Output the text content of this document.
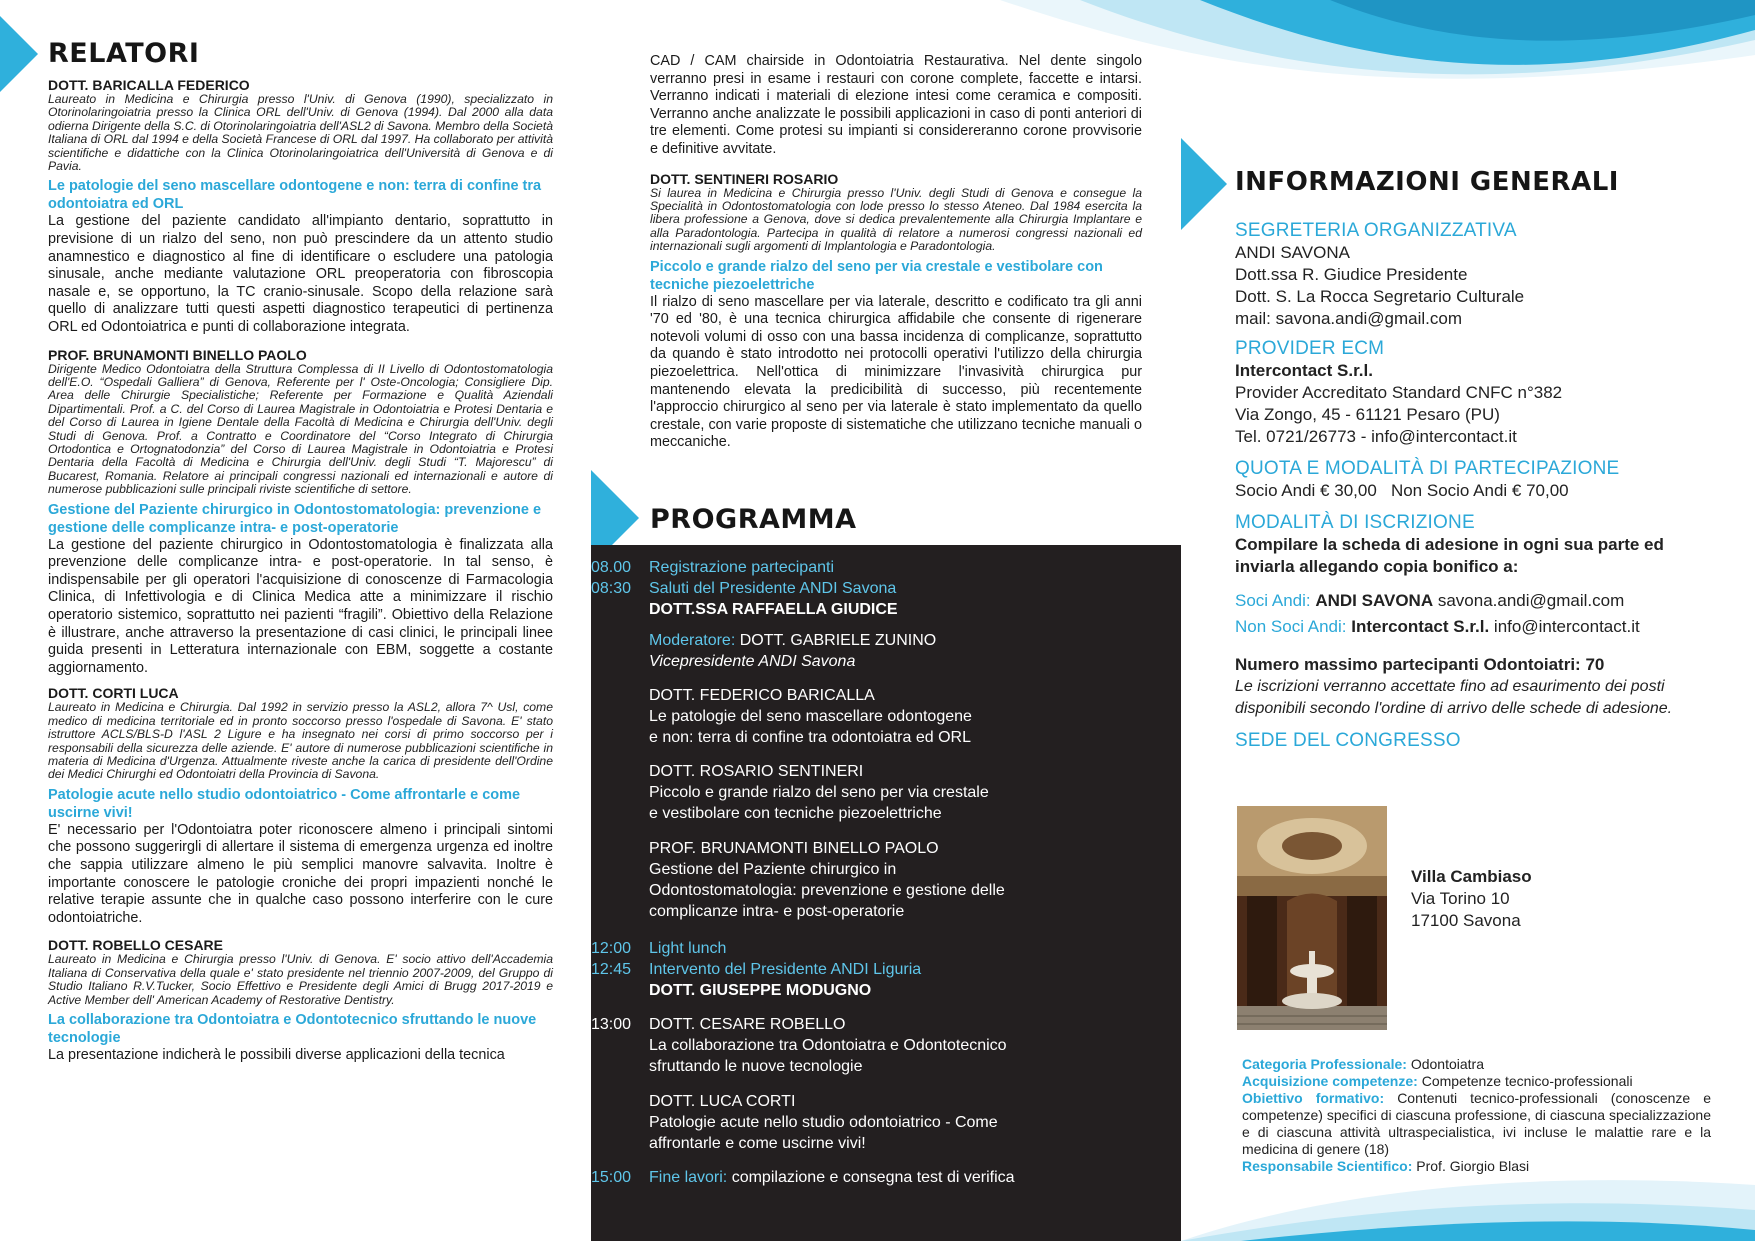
RELATORI
DOTT. BARICALLA FEDERICO
Laureato in Medicina e Chirurgia presso l'Univ. di Genova (1990), specializzato in Otorinolaringoiatria presso la Clinica ORL dell'Univ. di Genova (1994). Dal 2000 alla data odierna Dirigente della S.C. di Otorinolaringoiatria dell'ASL2 di Savona. Membro della Società Italiana di ORL dal 1994 e della Società Francese di ORL dal 1997. Ha collaborato per attività scientifiche e didattiche con la Clinica Otorinolaringoiatrica dell'Università di Genova e di Pavia.
Le patologie del seno mascellare odontogene e non: terra di confine tra odontoiatra ed ORL
La gestione del paziente candidato all'impianto dentario, soprattutto in previsione di un rialzo del seno, non può prescindere da un attento studio anamnestico e diagnostico al fine di identificare o escludere una patologia sinusale, anche mediante valutazione ORL preoperatoria con fibroscopia nasale e, se opportuno, la TC cranio-sinusale. Scopo della relazione sarà quello di analizzare tutti questi aspetti diagnostico terapeutici di pertinenza ORL ed Odontoiatrica e punti di collaborazione integrata.
PROF. BRUNAMONTI BINELLO PAOLO
Dirigente Medico Odontoiatra della Struttura Complessa di II Livello di Odontostomatologia dell'E.O. “Ospedali Galliera” di Genova, Referente per l' Oste-Oncologia; Consigliere Dip. Area delle Chirurgie Specialistiche; Referente per Formazione e Qualità Aziendali Dipartimentali. Prof. a C. del Corso di Laurea Magistrale in Odontoiatria e Protesi Dentaria e del Corso di Laurea in Igiene Dentale della Facoltà di Medicina e Chirurgia dell'Univ. degli Studi di Genova. Prof. a Contratto e Coordinatore del “Corso Integrato di Chirurgia Ortodontica e Ortognatodonzia” del Corso di Laurea Magistrale in Odontoiatria e Protesi Dentaria della Facoltà di Medicina e Chirurgia dell'Univ. degli Studi “T. Majorescu” di Bucarest, Romania. Relatore ai principali congressi nazionali ed internazionali e autore di numerose pubblicazioni sulle principali riviste scientifiche di settore.
Gestione del Paziente chirurgico in Odontostomatologia: prevenzione e gestione delle complicanze intra- e post-operatorie
La gestione del paziente chirurgico in Odontostomatologia è finalizzata alla prevenzione delle complicanze intra- e post-operatorie. In tal senso, è indispensabile per gli operatori l'acquisizione di conoscenze di Farmacologia Clinica, di Infettivologia e di Clinica Medica atte a minimizzare il rischio operatorio sistemico, soprattutto nei pazienti “fragili”. Obiettivo della Relazione è illustrare, anche attraverso la presentazione di casi clinici, le principali linee guida presenti in Letteratura internazionale con EBM, soggette a costante aggiornamento.
DOTT. CORTI LUCA
Laureato in Medicina e Chirurgia. Dal 1992 in servizio presso la ASL2, allora 7^ Usl, come medico di medicina territoriale ed in pronto soccorso presso l'ospedale di Savona. E' stato istruttore ACLS/BLS-D l'ASL 2 Ligure e ha insegnato nei corsi di primo soccorso per i responsabili della sicurezza delle aziende. E' autore di numerose pubblicazioni scientifiche in materia di Medicina d'Urgenza. Attualmente riveste anche la carica di presidente dell'Ordine dei Medici Chirurghi ed Odontoiatri della Provincia di Savona.
Patologie acute nello studio odontoiatrico - Come affrontarle e come uscirne vivi!
E' necessario per l'Odontoiatra poter riconoscere almeno i principali sintomi che possono suggerirgli di allertare il sistema di emergenza urgenza ed inoltre che sappia utilizzare almeno le più semplici manovre salvavita. Inoltre è importante conoscere le patologie croniche dei propri impazienti nonché le relative terapie assunte che in qualche caso possono interferire con le cure odontoiatriche.
DOTT. ROBELLO CESARE
Laureato in Medicina e Chirurgia presso l'Univ. di Genova. E' socio attivo dell'Accademia Italiana di Conservativa della quale e' stato presidente nel triennio 2007-2009, del Gruppo di Studio Italiano R.V.Tucker, Socio Effettivo e Presidente degli Amici di Brugg 2017-2019 e Active Member dell' American Academy of Restorative Dentistry.
La collaborazione tra Odontoiatra e Odontotecnico sfruttando le nuove tecnologie
La presentazione indicherà le possibili diverse applicazioni della tecnica
CAD / CAM chairside in Odontoiatria Restaurativa. Nel dente singolo verranno presi in esame i restauri con corone complete, faccette e intarsi. Verranno indicati i materiali di elezione intesi come ceramica e compositi. Verranno anche analizzate le possibili applicazioni in caso di ponti anteriori di tre elementi. Come protesi su impianti si considereranno corone provvisorie e definitive avvitate.
DOTT. SENTINERI ROSARIO
Si laurea in Medicina e Chirurgia presso l'Univ. degli Studi di Genova e consegue la Specialità in Odontostomatologia con lode presso lo stesso Ateneo. Dal 1984 esercita la libera professione a Genova, dove si dedica prevalentemente alla Chirurgia Implantare e alla Paradontologia. Partecipa in qualità di relatore a numerosi congressi nazionali ed internazionali sugli argomenti di Implantologia e Paradontologia.
Piccolo e grande rialzo del seno per via crestale e vestibolare con tecniche piezoelettriche
Il rialzo di seno mascellare per via laterale, descritto e codificato tra gli anni '70 ed '80, è una tecnica chirurgica affidabile che consente di rigenerare notevoli volumi di osso con una bassa incidenza di complicanze, soprattutto da quando è stato introdotto nei protocolli operativi l'utilizzo della chirurgia piezoelettrica. Nell'ottica di minimizzare l'invasività chirurgica pur mantenendo elevata la predicibilità di successo, più recentemente l'approccio chirurgico al seno per via laterale è stato implementato da quello crestale, con varie proposte di sistematiche che utilizzano tecniche manuali o meccaniche.
PROGRAMMA
08.00 Registrazione partecipanti
08:30 Saluti del Presidente ANDI Savona
DOTT.SSA RAFFAELLA GIUDICE
Moderatore: DOTT. GABRIELE ZUNINO
Vicepresidente ANDI Savona
DOTT. FEDERICO BARICALLA
Le patologie del seno mascellare odontogene
e non: terra di confine tra odontoiatra ed ORL
DOTT. ROSARIO SENTINERI
Piccolo e grande rialzo del seno per via crestale
e vestibolare con tecniche piezoelettriche
PROF. BRUNAMONTI BINELLO PAOLO
Gestione del Paziente chirurgico in
Odontostomatologia: prevenzione e gestione delle
complicanze intra- e post-operatorie
12:00 Light lunch
12:45 Intervento del Presidente ANDI Liguria
DOTT. GIUSEPPE MODUGNO
13:00 DOTT. CESARE ROBELLO
La collaborazione tra Odontoiatra e Odontotecnico
sfruttando le nuove tecnologie
DOTT. LUCA CORTI
Patologie acute nello studio odontoiatrico - Come
affrontarle e come uscirne vivi!
15:00 Fine lavori: compilazione e consegna test di verifica
INFORMAZIONI GENERALI
SEGRETERIA ORGANIZZATIVA
ANDI SAVONA
Dott.ssa R. Giudice Presidente
Dott. S. La Rocca Segretario Culturale
mail: savona.andi@gmail.com
PROVIDER ECM
Intercontact S.r.l.
Provider Accreditato Standard CNFC n°382
Via Zongo, 45 - 61121 Pesaro (PU)
Tel. 0721/26773 - info@intercontact.it
QUOTA E MODALITÀ DI PARTECIPAZIONE
Socio Andi € 30,00   Non Socio Andi € 70,00
MODALITÀ DI ISCRIZIONE
Compilare la scheda di adesione in ogni sua parte ed
inviarla allegando copia bonifico a:
Soci Andi: ANDI SAVONA savona.andi@gmail.com
Non Soci Andi: Intercontact S.r.l. info@intercontact.it
Numero massimo partecipanti Odontoiatri: 70
Le iscrizioni verranno accettate fino ad esaurimento dei posti
disponibili secondo l'ordine di arrivo delle schede di adesione.
SEDE DEL CONGRESSO
Villa Cambiaso
Via Torino 10
17100 Savona
Categoria Professionale: Odontoiatra
Acquisizione competenze: Competenze tecnico-professionali
Obiettivo formativo: Contenuti tecnico-professionali (conoscenze e competenze) specifici di ciascuna professione, di ciascuna specializzazione e di ciascuna attività ultraspecialistica, ivi incluse le malattie rare e la medicina di genere (18)
Responsabile Scientifico: Prof. Giorgio Blasi
